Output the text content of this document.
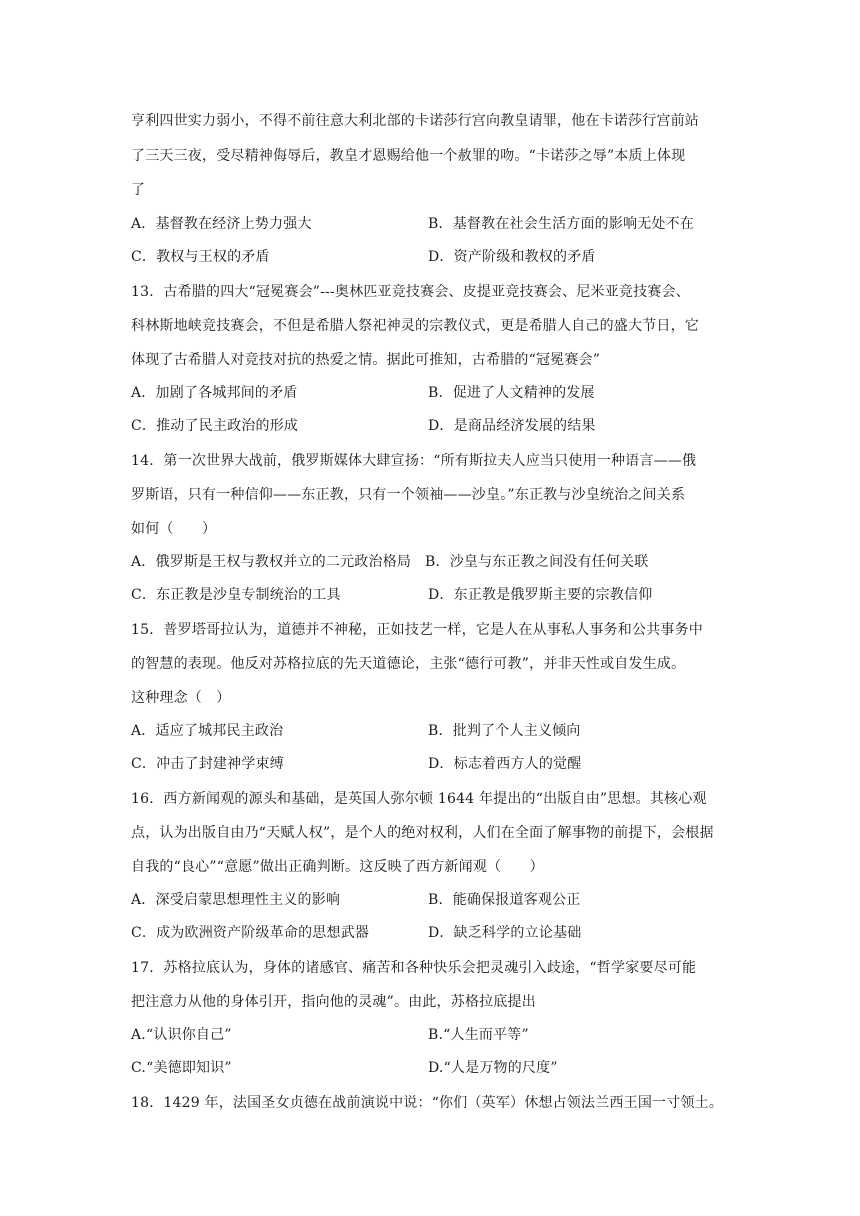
亨利四世实力弱小，不得不前往意大利北部的卡诺莎行宫向教皇请罪，他在卡诺莎行宫前站
了三天三夜，受尽精神侮辱后，教皇才恩赐给他一个赦罪的吻。“卡诺莎之辱”本质上体现
了
A．基督教在经济上势力强大	B．基督教在社会生活方面的影响无处不在
C．教权与王权的矛盾	D．资产阶级和教权的矛盾
13．古希腊的四大“冠冕赛会”---奥林匹亚竞技赛会、皮提亚竞技赛会、尼米亚竞技赛会、
科林斯地峡竞技赛会，不但是希腊人祭祀神灵的宗教仪式，更是希腊人自己的盛大节日，它
体现了古希腊人对竞技对抗的热爱之情。据此可推知，古希腊的“冠冕赛会”
A．加剧了各城邦间的矛盾	B．促进了人文精神的发展
C．推动了民主政治的形成	D．是商品经济发展的结果
14．第一次世界大战前，俄罗斯媒体大肆宣扬：“所有斯拉夫人应当只使用一种语言——俄
罗斯语，只有一种信仰——东正教，只有一个领袖——沙皇。”东正教与沙皇统治之间关系
如何（　　）
A．俄罗斯是王权与教权并立的二元政治格局 B．沙皇与东正教之间没有任何关联
C．东正教是沙皇专制统治的工具	D．东正教是俄罗斯主要的宗教信仰
15．普罗塔哥拉认为，道德并不神秘，正如技艺一样，它是人在从事私人事务和公共事务中
的智慧的表现。他反对苏格拉底的先天道德论，主张“德行可教”，并非天性或自发生成。
这种理念（　）
A．适应了城邦民主政治	B．批判了个人主义倾向
C．冲击了封建神学束缚	D．标志着西方人的觉醒
16．西方新闻观的源头和基础，是英国人弥尔顿 1644 年提出的“出版自由”思想。其核心观
点，认为出版自由乃“天赋人权”，是个人的绝对权利，人们在全面了解事物的前提下，会根据
自我的“良心”“意愿”做出正确判断。这反映了西方新闻观（　　）
A．深受启蒙思想理性主义的影响	B．能确保报道客观公正
C．成为欧洲资产阶级革命的思想武器	D．缺乏科学的立论基础
17．苏格拉底认为，身体的诸感官、痛苦和各种快乐会把灵魂引入歧途，“哲学家要尽可能
把注意力从他的身体引开，指向他的灵魂”。由此，苏格拉底提出
A.“认识你自己”	B.“人生而平等”
C.“美德即知识”	D.“人是万物的尺度”
18．1429 年，法国圣女贞德在战前演说中说：“你们（英军）休想占领法兰西王国一寸领土。
